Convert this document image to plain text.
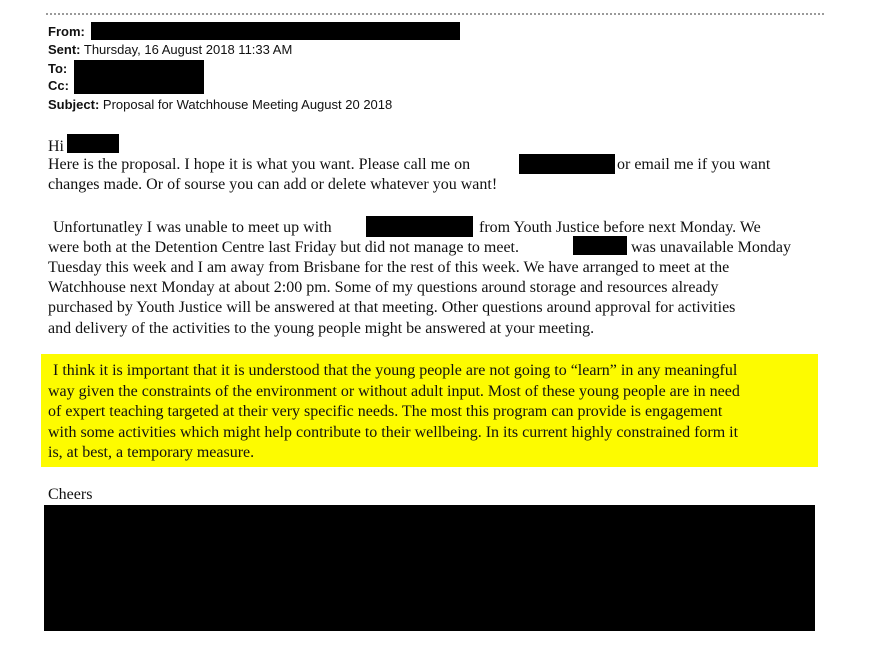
From:
Sent: Thursday, 16 August 2018 11:33 AM
To:
Cc:
Subject: Proposal for Watchhouse Meeting August 20 2018
Hi
Here is the proposal. I hope it is what you want. Please call me on	or email me if you want
changes made. Or of sourse you can add or delete whatever you want!
Unfortunatley I was unable to meet up with	from Youth Justice before next Monday. We
were both at the Detention Centre last Friday but did not manage to meet.	was unavailable Monday
Tuesday this week and I am away from Brisbane for the rest of this week. We have arranged to meet at the
Watchhouse next Monday at about 2:00 pm. Some of my questions around storage and resources already
purchased by Youth Justice will be answered at that meeting. Other questions around approval for activities
and delivery of the activities to the young people might be answered at your meeting.
I think it is important that it is understood that the young people are not going to “learn” in any meaningful
way given the constraints of the environment or without adult input. Most of these young people are in need
of expert teaching targeted at their very specific needs. The most this program can provide is engagement
with some activities which might help contribute to their wellbeing. In its current highly constrained form it
is, at best, a temporary measure.
Cheers
